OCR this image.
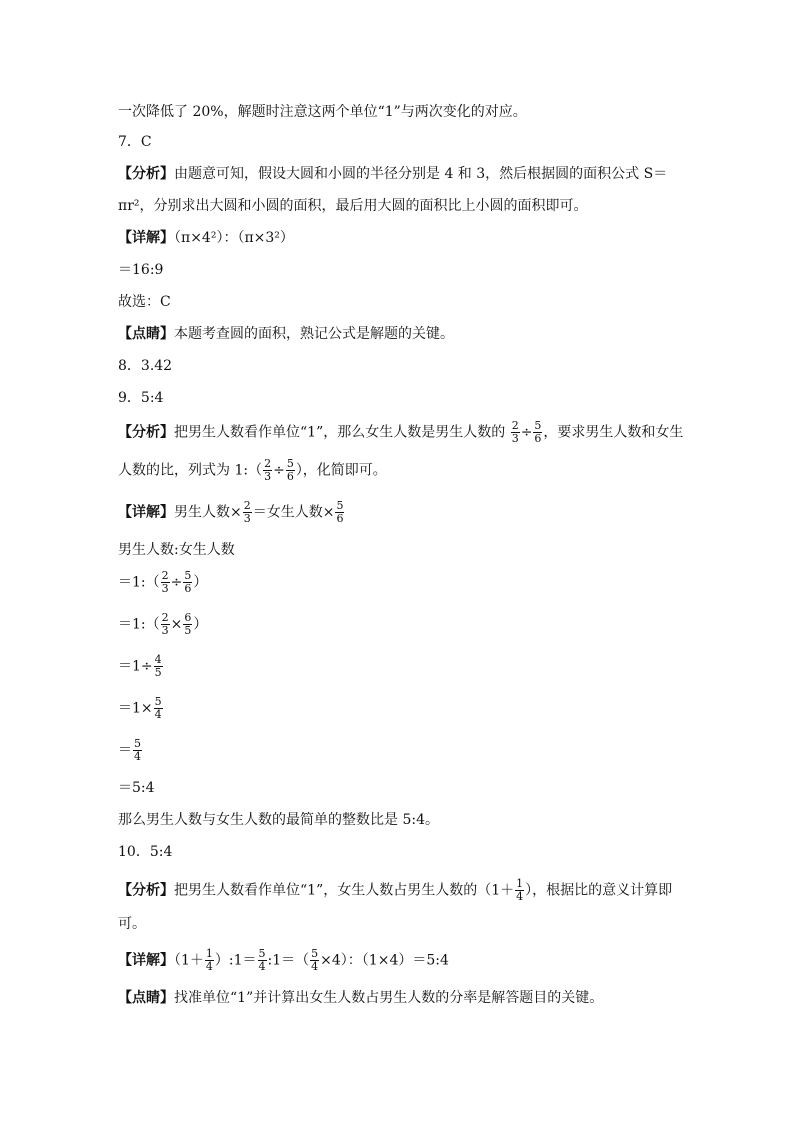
一次降低了 20%，解题时注意这两个单位“1”与两次变化的对应。
7．C
【分析】由题意可知，假设大圆和小圆的半径分别是 4 和 3，然后根据圆的面积公式 S＝
πr²，分别求出大圆和小圆的面积，最后用大圆的面积比上小圆的面积即可。
【详解】（π×4²）：（π×3²）
＝16:9
故选：C
【点睛】本题考查圆的面积，熟记公式是解题的关键。
8．3.42
9．5:4
【分析】把男生人数看作单位“1”，那么女生人数是男生人数的 $\frac{2}{3} \div \frac{5}{6}$ ，要求男生人数和女生
人数的比，列式为 1:（ $\frac{2}{3} \div \frac{5}{6}$ ），化简即可。
【详解】男生人数× $\frac{2}{3}$ ＝女生人数× $\frac{5}{6}$
男生人数:女生人数
＝1:（ $\frac{2}{3} \div \frac{5}{6}$ ）
＝1:（ $\frac{2}{3} \times \frac{6}{5}$ ）
$=1\div \frac{4}{5}$
$=1\times \frac{5}{4}$
＝ $\frac{5}{4}$
＝5:4
那么男生人数与女生人数的最简单的整数比是 5:4。
10．5:4
【分析】把男生人数看作单位“1”，女生人数占男生人数的（$1+ \frac{1}{4}$ ），根据比的意义计算即
可。
【详解】（$1+ \frac{1}{4}$ ）:1＝ $\frac{5}{4}$ :1＝（ $\frac{5}{4} \times 4$）：（1×4）＝5:4
【点睛】找准单位“1”并计算出女生人数占男生人数的分率是解答题目的关键。
